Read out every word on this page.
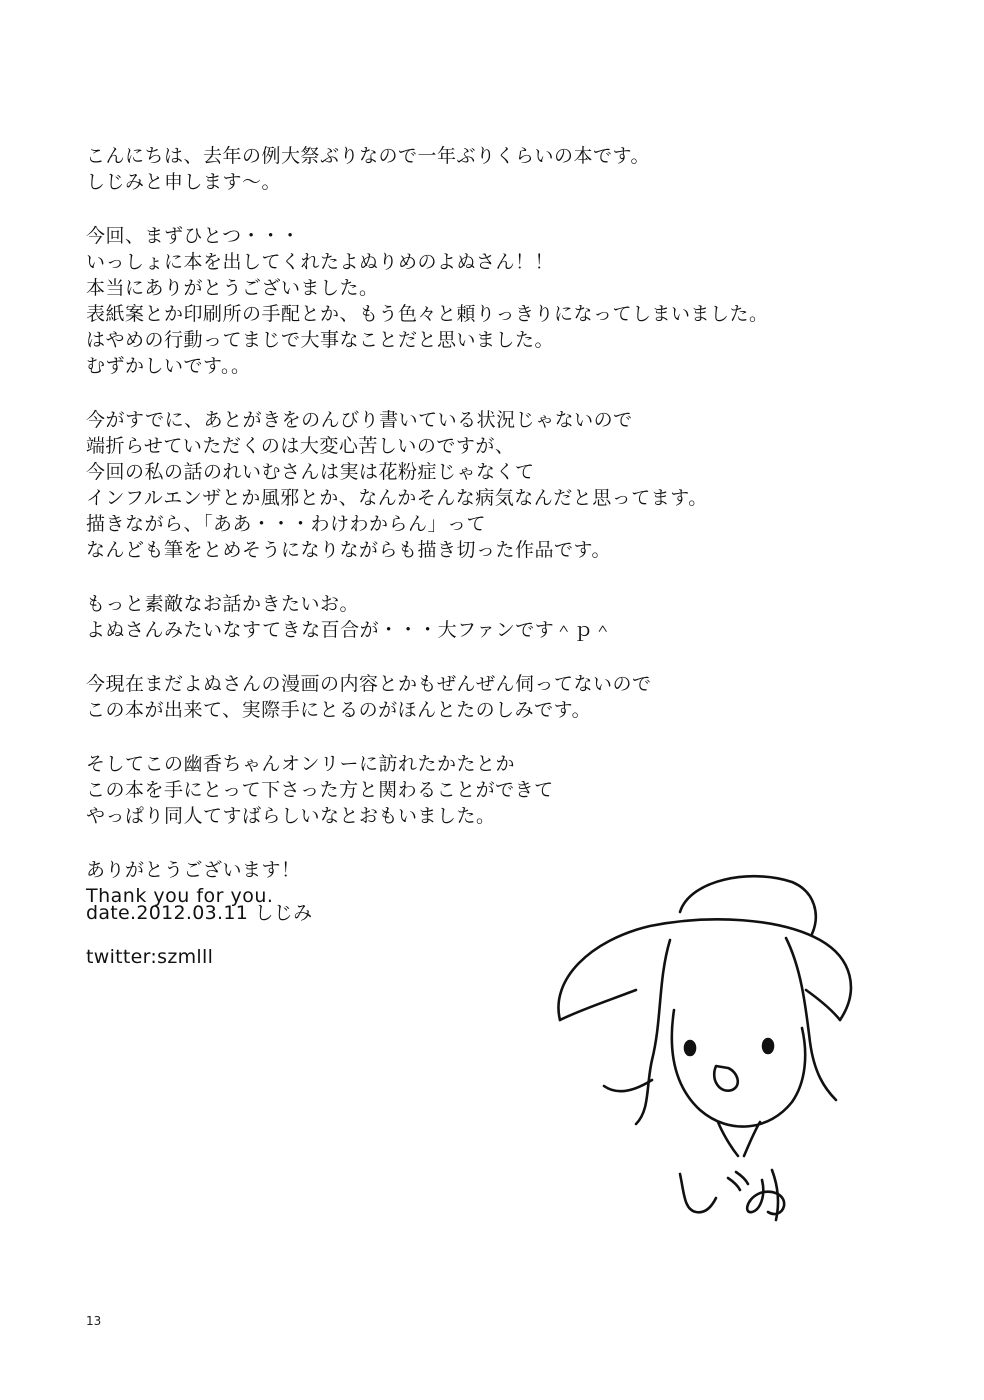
こんにちは、去年の例大祭ぶりなので一年ぶりくらいの本です。
しじみと申します〜。

今回、まずひとつ・・・
いっしょに本を出してくれたよぬりめのよぬさん！！
本当にありがとうございました。
表紙案とか印刷所の手配とか、もう色々と頼りっきりになってしまいました。
はやめの行動ってまじで大事なことだと思いました。
むずかしいです。。

今がすでに、あとがきをのんびり書いている状況じゃないので
端折らせていただくのは大変心苦しいのですが、
今回の私の話のれいむさんは実は花粉症じゃなくて
インフルエンザとか風邪とか、なんかそんな病気なんだと思ってます。
描きながら、「ああ・・・わけわからん」って
なんども筆をとめそうになりながらも描き切った作品です。

もっと素敵なお話かきたいお。
よぬさんみたいなすてきな百合が・・・大ファンです＾ｐ＾

今現在まだよぬさんの漫画の内容とかもぜんぜん伺ってないので
この本が出来て、実際手にとるのがほんとたのしみです。

そしてこの幽香ちゃんオンリーに訪れたかたとか
この本を手にとって下さった方と関わることができて
やっぱり同人てすばらしいなとおもいました。

ありがとうございます！
Thank you for you.

date.2012.03.11 しじみ
twitter:szmlll
13
